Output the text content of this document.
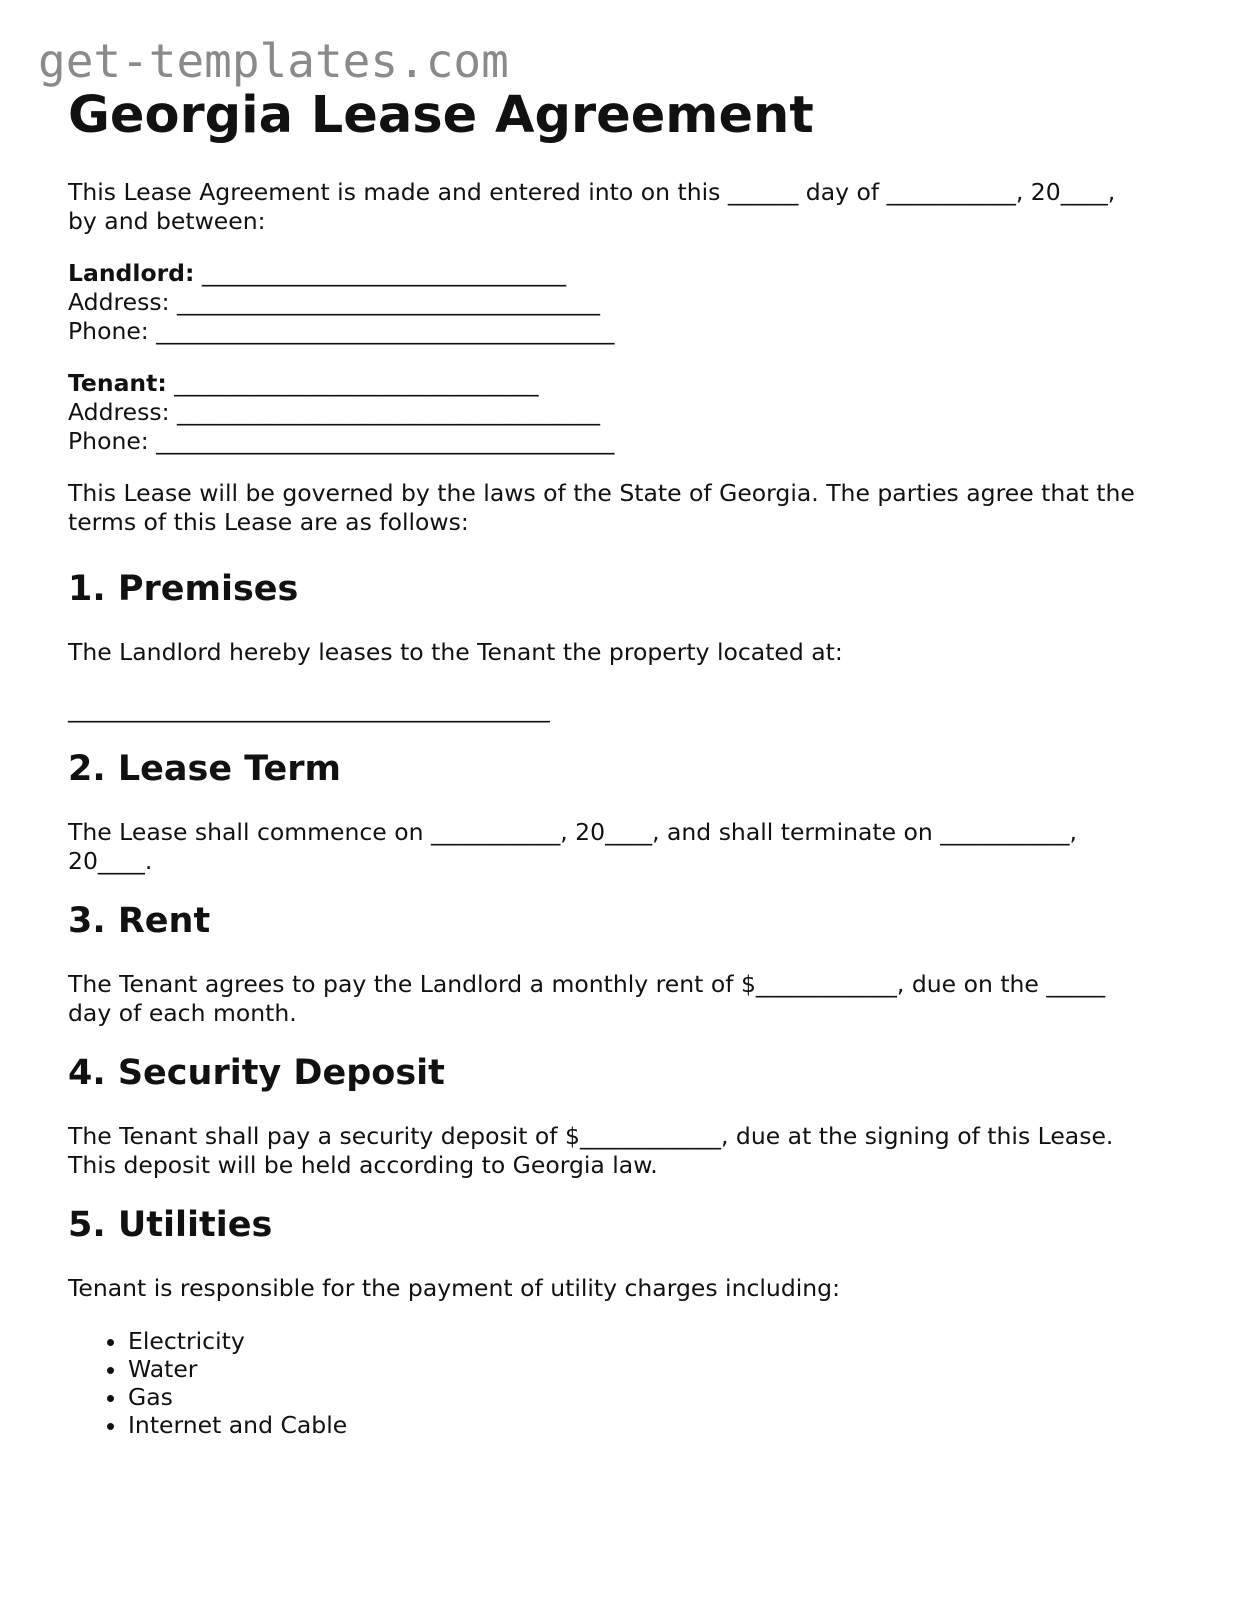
get-templates.com
Georgia Lease Agreement

This Lease Agreement is made and entered into on this ______ day of ___________, 20____,

by and between:

Landlord: _______________________________

Address: ____________________________________

Phone: _______________________________________

Tenant: _______________________________

Address: ____________________________________

Phone: _______________________________________

This Lease will be governed by the laws of the State of Georgia. The parties agree that the

terms of this Lease are as follows:

1. Premises

The Landlord hereby leases to the Tenant the property located at:

_________________________________________
2. Lease Term

The Lease shall commence on ___________, 20____, and shall terminate on ___________,

20____.

3. Rent

The Tenant agrees to pay the Landlord a monthly rent of $____________, due on the _____

day of each month.

4. Security Deposit

The Tenant shall pay a security deposit of $____________, due at the signing of this Lease.

This deposit will be held according to Georgia law.

5. Utilities

Tenant is responsible for the payment of utility charges including:

• Electricity
• Water
• Gas
• Internet and Cable
